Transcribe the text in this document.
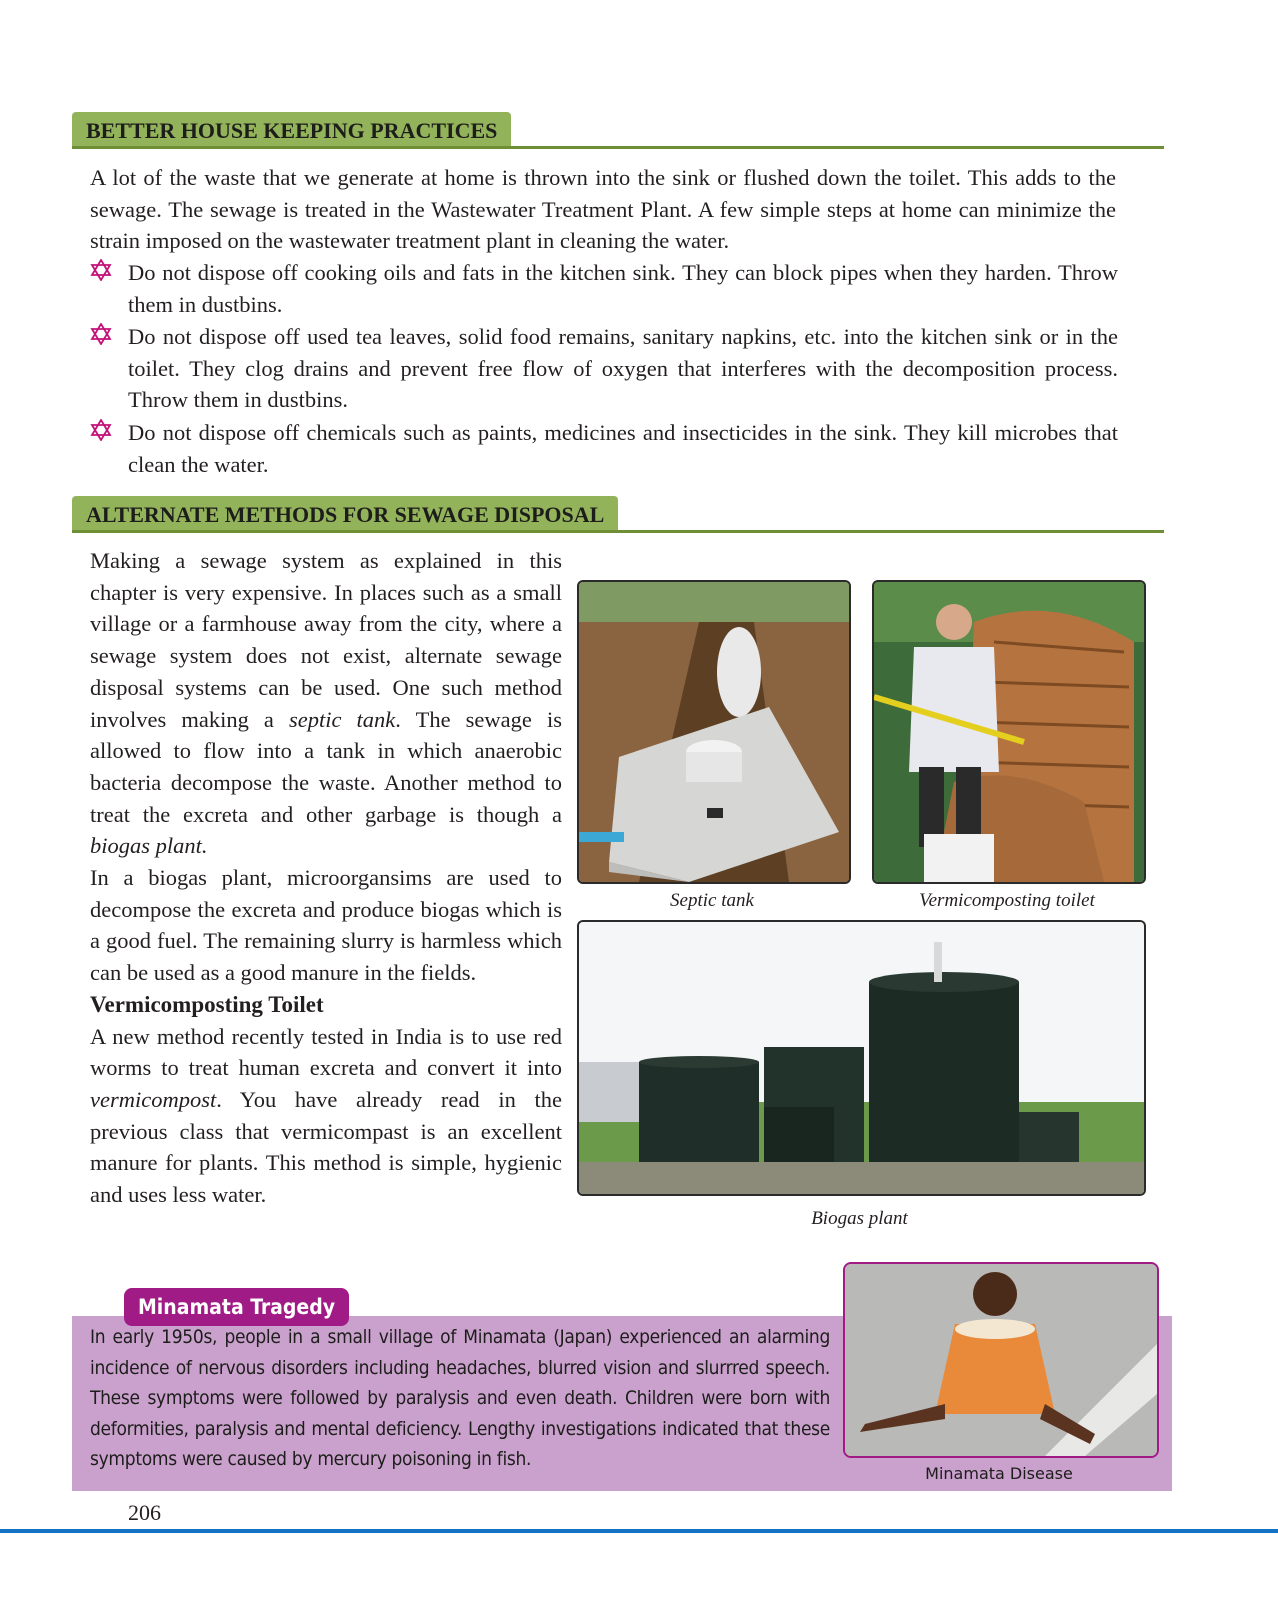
BETTER HOUSE KEEPING PRACTICES
A lot of the waste that we generate at home is thrown into the sink or flushed down the toilet. This adds to the sewage. The sewage is treated in the Wastewater Treatment Plant. A few simple steps at home can minimize the strain imposed on the wastewater treatment plant in cleaning the water.
Do not dispose off cooking oils and fats in the kitchen sink. They can block pipes when they harden. Throw them in dustbins.
Do not dispose off used tea leaves, solid food remains, sanitary napkins, etc. into the kitchen sink or in the toilet. They clog drains and prevent free flow of oxygen that interferes with the decomposition process. Throw them in dustbins.
Do not dispose off chemicals such as paints, medicines and insecticides in the sink. They kill microbes that clean the water.
ALTERNATE METHODS FOR SEWAGE DISPOSAL

Making a sewage system as explained in this chapter is very expensive. In places such as a small village or a farmhouse away from the city, where a sewage system does not exist, alternate sewage disposal systems can be used. One such method involves making a septic tank. The sewage is allowed to flow into a tank in which anaerobic bacteria decompose the waste. Another method to treat the excreta and other garbage is though a biogas plant.

In a biogas plant, microorgansims are used to decompose the excreta and produce biogas which is a good fuel. The remaining slurry is harmless which can be used as a good manure in the fields.

Vermicomposting Toilet

A new method recently tested in India is to use red worms to treat human excreta and convert it into vermicompost. You have already read in the previous class that vermicompast is an excellent manure for plants. This method is simple, hygienic and uses less water.

Septic tank	Vermicomposting toilet
Biogas plant
Minamata Tragedy
In early 1950s, people in a small village of Minamata (Japan) experienced an alarming incidence of nervous disorders including headaches, blurred vision and slurrred speech. These symptoms were followed by paralysis and even death. Children were born with deformities, paralysis and mental deficiency. Lengthy investigations indicated that these symptoms were caused by mercury poisoning in fish.
Minamata Disease
206
